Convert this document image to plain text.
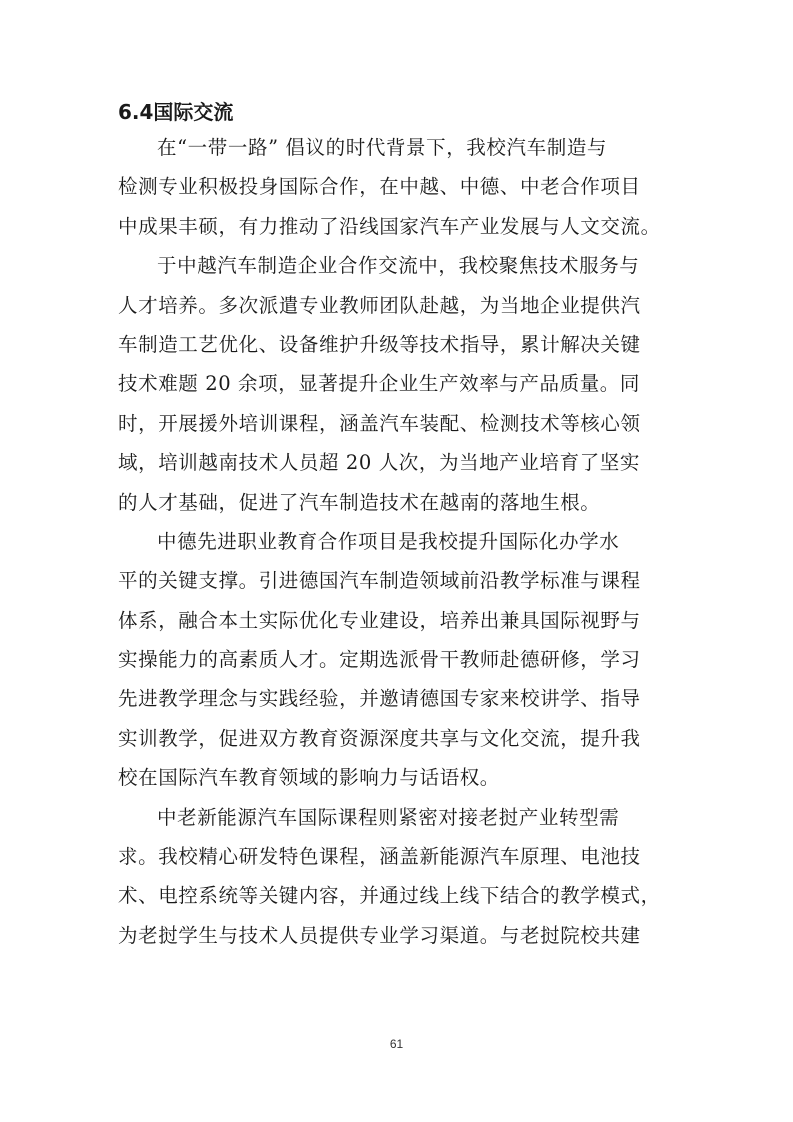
6.4国际交流

在“一带一路” 倡议的时代背景下，我校汽车制造与
检测专业积极投身国际合作，在中越、中德、中老合作项目
中成果丰硕，有力推动了沿线国家汽车产业发展与人文交流。

于中越汽车制造企业合作交流中，我校聚焦技术服务与
人才培养。多次派遣专业教师团队赴越，为当地企业提供汽
车制造工艺优化、设备维护升级等技术指导，累计解决关键
技术难题 20 余项，显著提升企业生产效率与产品质量。同
时，开展援外培训课程，涵盖汽车装配、检测技术等核心领
域，培训越南技术人员超 20 人次，为当地产业培育了坚实
的人才基础，促进了汽车制造技术在越南的落地生根。

中德先进职业教育合作项目是我校提升国际化办学水
平的关键支撑。引进德国汽车制造领域前沿教学标准与课程
体系，融合本土实际优化专业建设，培养出兼具国际视野与
实操能力的高素质人才。定期选派骨干教师赴德研修，学习
先进教学理念与实践经验，并邀请德国专家来校讲学、指导
实训教学，促进双方教育资源深度共享与文化交流，提升我
校在国际汽车教育领域的影响力与话语权。

中老新能源汽车国际课程则紧密对接老挝产业转型需
求。我校精心研发特色课程，涵盖新能源汽车原理、电池技
术、电控系统等关键内容，并通过线上线下结合的教学模式，
为老挝学生与技术人员提供专业学习渠道。与老挝院校共建

61
